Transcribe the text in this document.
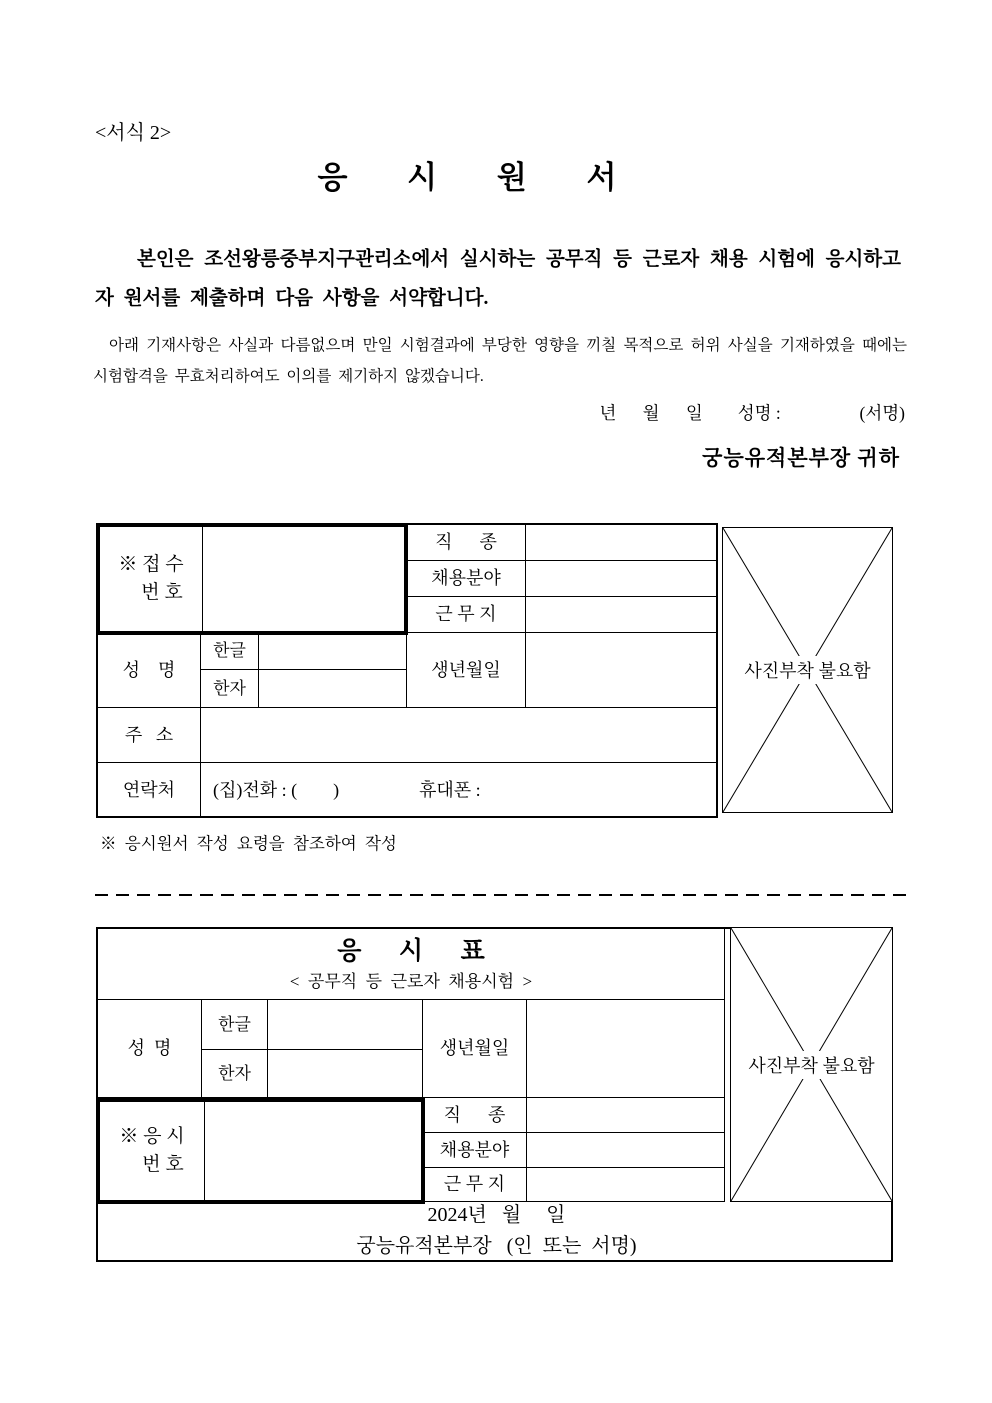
<서식 2>
응 시 원 서
본인은 조선왕릉중부지구관리소에서 실시하는 공무직 등 근로자 채용 시험에 응시하고자 원서를 제출하며 다음 사항을 서약합니다.
아래 기재사항은 사실과 다름없으며 만일 시험결과에 부당한 영향을 끼칠 목적으로 허위 사실을 기재하였을 때에는 시험합격을 무효처리하여도 이의를 제기하지 않겠습니다.
년      월      일        성명 :                  (서명)
궁능유적본부장 귀하
직      종
채용분야
근 무 지
※ 접 수
번 호
성    명
한글
한자
생년월일
주   소
연락처	(집)전화 : (        )	휴대폰 :
사진부착 불요함
※  응시원서  작성  요령을  참조하여  작성
응      시      표
<  공무직  등  근로자  채용시험  >
성  명
한글
한자
생년월일
※ 응 시
번 호
직      종
채용분야
근 무 지
사진부착 불요함
2024년   월     일
궁능유적본부장   (인  또는  서명)
